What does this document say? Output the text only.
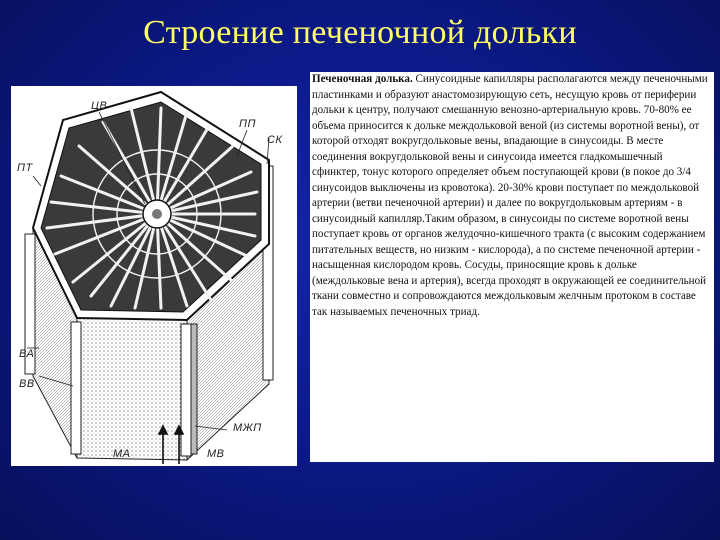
Строение печеночной дольки
ЦВ
ПТ
ПП
СК
ВА
ВВ
МЖП
МА	МВ
Печеночная долька. Синусоидные капилляры располагаются между печеночными пластинками и образуют анастомозирующую сеть, несущую кровь от периферии дольки к центру, получают смешанную венозно-артериальную кровь. 70-80% ее объема приносится к дольке междольковой веной (из системы воротной вены), от которой отходят вокругдольковые вены, впадающие в синусоиды. В месте соединения вокругдольковой вены и синусоида имеется гладкомышечный сфинктер, тонус которого определяет объем поступающей крови (в покое до 3/4 синусоидов выключены из кровотока). 20-30% крови поступает по междольковой артерии (ветви печеночной артерии) и далее по вокругдольковым артериям - в синусоидный капилляр.Таким образом, в синусоиды по системе воротной вены поступает кровь от органов желудочно-кишечного тракта (с высоким содержанием питательных веществ, но низким - кислорода), а по системе печеночной артерии - насыщенная кислородом кровь. Сосуды, приносящие кровь к дольке (междольковые вена и артерия), всегда проходят в окружающей ее соединительной ткани совместно и сопровождаются междольковым желчным протоком в составе так называемых печеночных триад.
